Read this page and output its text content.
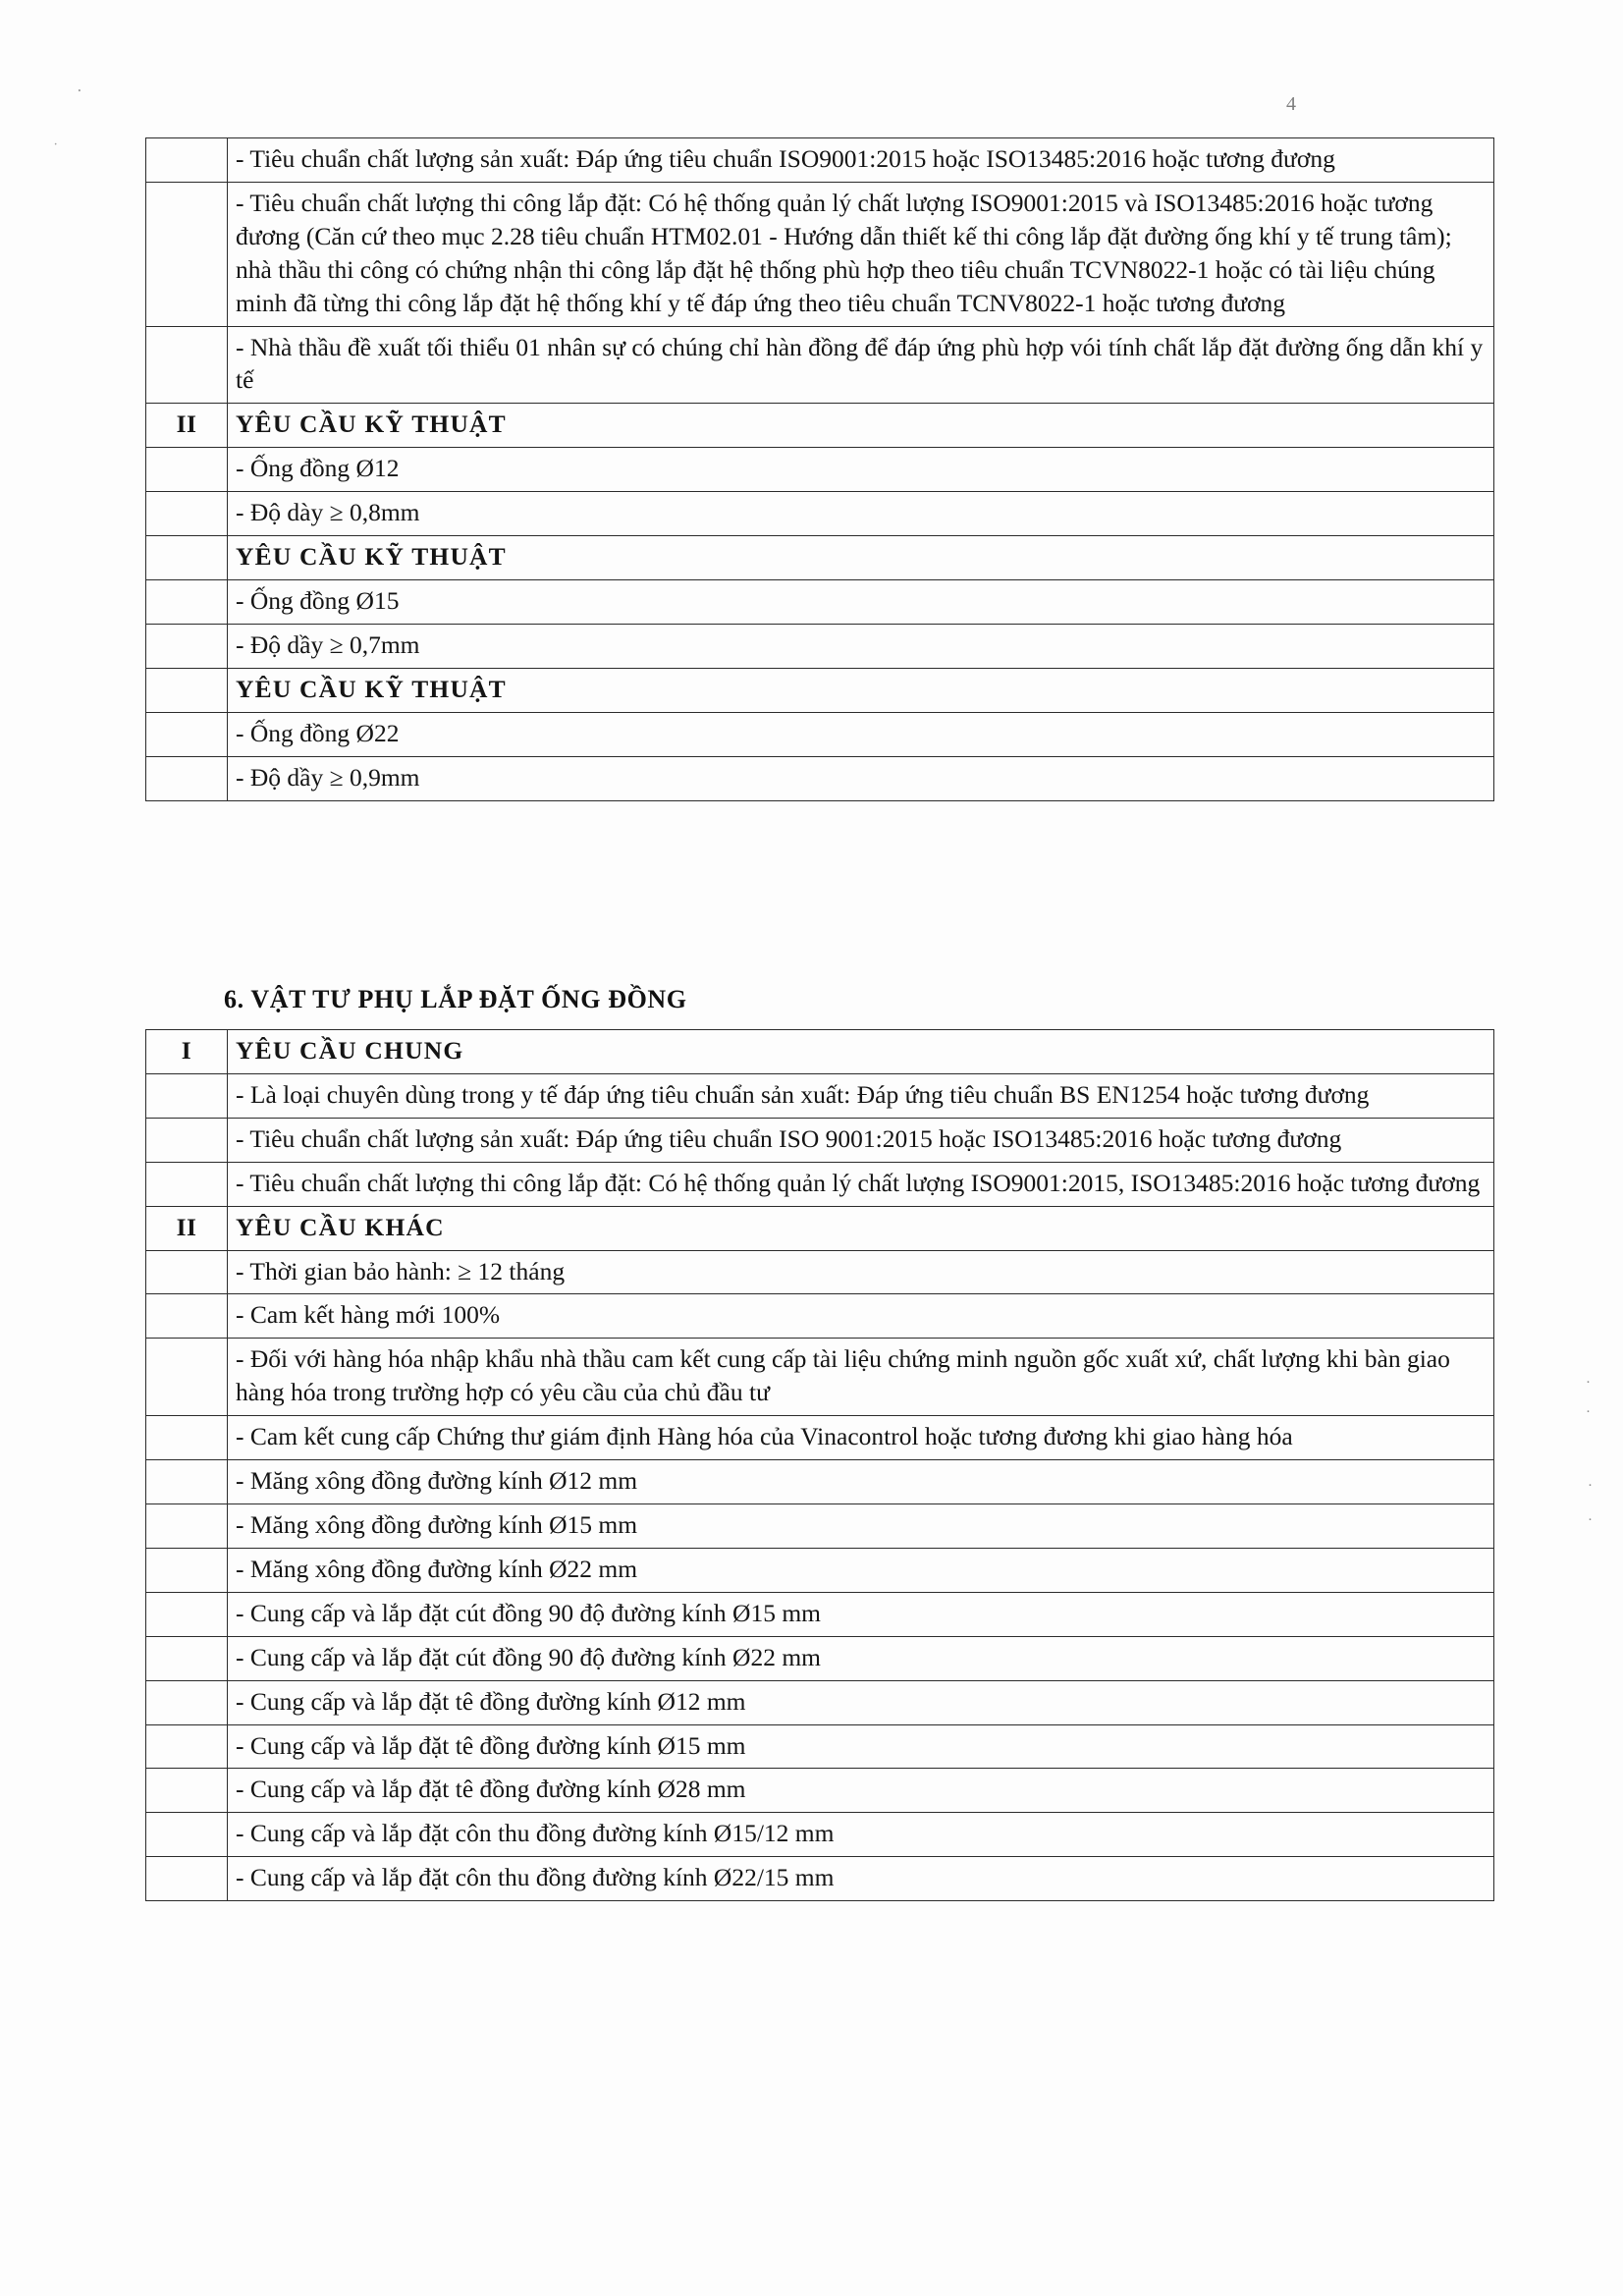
·
·
4
·
·
·
·
	- Tiêu chuẩn chất lượng sản xuất: Đáp ứng tiêu chuẩn ISO9001:2015 hoặc ISO13485:2016 hoặc tương đương
	- Tiêu chuẩn chất lượng thi công lắp đặt: Có hệ thống quản lý chất lượng ISO9001:2015 và ISO13485:2016 hoặc tương đương (Căn cứ theo mục 2.28 tiêu chuẩn HTM02.01 - Hướng dẫn thiết kế thi công lắp đặt đường ống khí y tế trung tâm); nhà thầu thi công có chứng nhận thi công lắp đặt hệ thống phù hợp theo tiêu chuẩn TCVN8022-1 hoặc có tài liệu chúng minh đã từng thi công lắp đặt hệ thống khí y tế đáp ứng theo tiêu chuẩn TCNV8022-1 hoặc tương đương
	- Nhà thầu đề xuất tối thiểu 01 nhân sự có chúng chỉ hàn đồng để đáp ứng phù hợp vói tính chất lắp đặt đường ống dẫn khí y tế
II	YÊU CẦU KỸ THUẬT
	- Ống đồng Ø12
	- Độ dày ≥ 0,8mm
	YÊU CẦU KỸ THUẬT
	- Ống đồng Ø15
	- Độ dầy ≥ 0,7mm
	YÊU CẦU KỸ THUẬT
	- Ống đồng Ø22
	- Độ dầy ≥ 0,9mm
6. VẬT TƯ PHỤ LẮP ĐẶT ỐNG ĐỒNG
I	YÊU CẦU CHUNG
	- Là loại chuyên dùng trong y tế đáp ứng tiêu chuẩn sản xuất: Đáp ứng tiêu chuẩn BS EN1254 hoặc tương đương
	- Tiêu chuẩn chất lượng sản xuất: Đáp ứng tiêu chuẩn ISO 9001:2015 hoặc ISO13485:2016 hoặc tương đương
	- Tiêu chuẩn chất lượng thi công lắp đặt: Có hệ thống quản lý chất lượng ISO9001:2015, ISO13485:2016 hoặc tương đương
II	YÊU CẦU KHÁC
	- Thời gian bảo hành: ≥ 12 tháng
	- Cam kết hàng mới 100%
	- Đối với hàng hóa nhập khẩu nhà thầu cam kết cung cấp tài liệu chứng minh nguồn gốc xuất xứ, chất lượng khi bàn giao hàng hóa trong trường hợp có yêu cầu của chủ đầu tư
	- Cam kết cung cấp Chứng thư giám định Hàng hóa của Vinacontrol hoặc tương đương khi giao hàng hóa
	- Măng xông đồng đường kính Ø12 mm
	- Măng xông đồng đường kính Ø15 mm
	- Măng xông đồng đường kính Ø22 mm
	- Cung cấp và lắp đặt cút đồng 90 độ đường kính Ø15 mm
	- Cung cấp và lắp đặt cút đồng 90 độ đường kính Ø22 mm
	- Cung cấp và lắp đặt tê đồng đường kính Ø12 mm
	- Cung cấp và lắp đặt tê đồng đường kính Ø15 mm
	- Cung cấp và lắp đặt tê đồng đường kính Ø28 mm
	- Cung cấp và lắp đặt côn thu đồng đường kính Ø15/12 mm
	- Cung cấp và lắp đặt côn thu đồng đường kính Ø22/15 mm
